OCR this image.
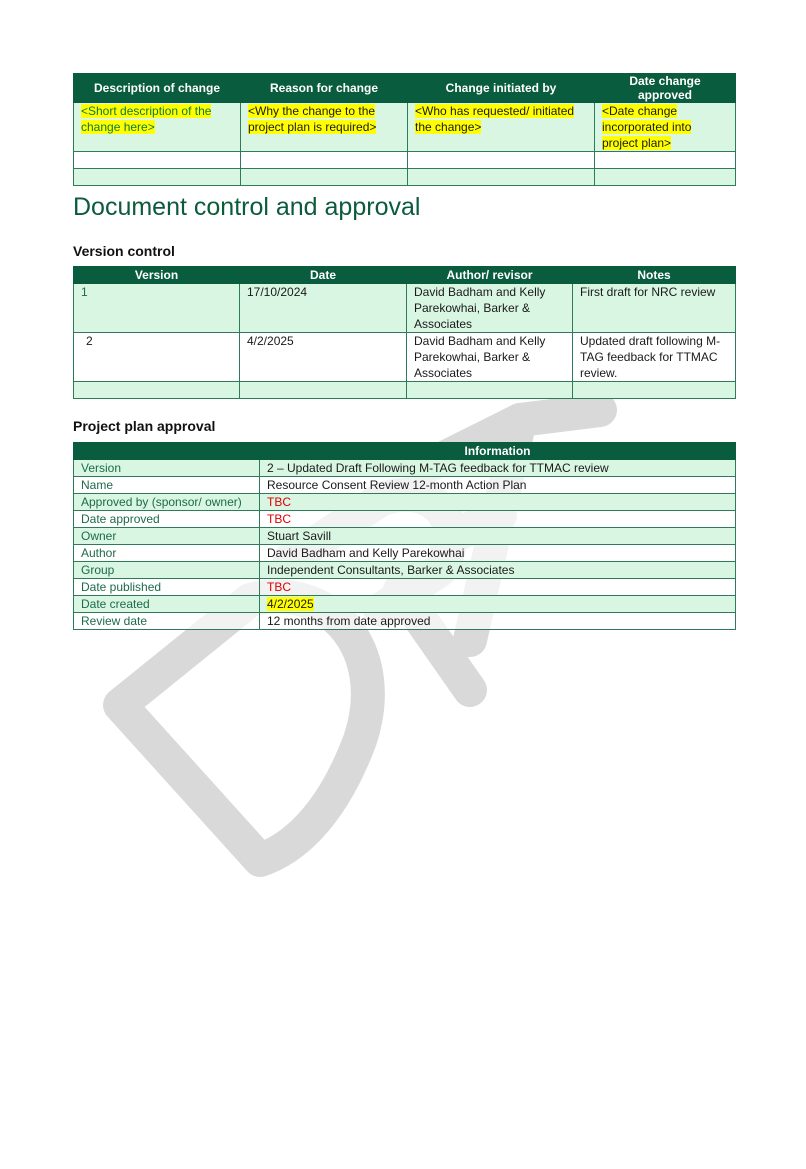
Description of change	Reason for change	Change initiated by	Date change approved
<Short description of the change here>	<Why the change to the project plan is required>	<Who has requested/ initiated the change>	<Date change incorporated into project plan>

Document control and approval
Version control
Version	Date	Author/ revisor	Notes
1	17/10/2024	David Badham and Kelly Parekowhai, Barker & Associates	First draft for NRC review
2	4/2/2025	David Badham and Kelly Parekowhai, Barker & Associates	Updated draft following M-TAG feedback for TTMAC review.

Project plan approval
	Information
Version	2 – Updated Draft Following M-TAG feedback for TTMAC review
Name	Resource Consent Review 12-month Action Plan
Approved by (sponsor/ owner)	TBC
Date approved	TBC
Owner	Stuart Savill
Author	David Badham and Kelly Parekowhai
Group	Independent Consultants, Barker & Associates
Date published	TBC
Date created	4/2/2025
Review date	12 months from date approved
